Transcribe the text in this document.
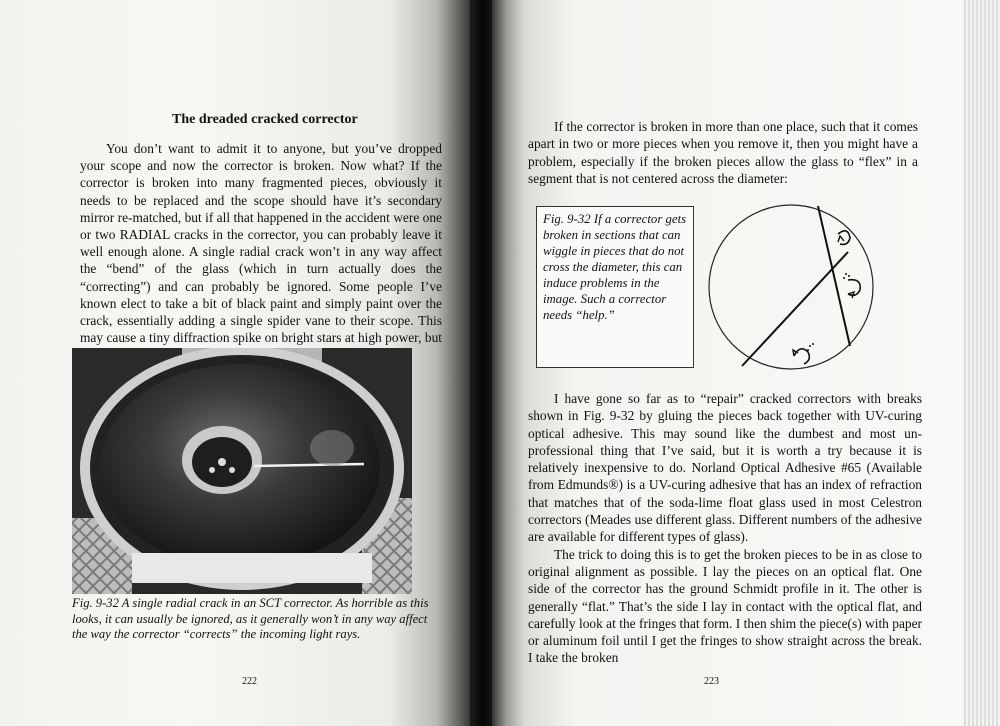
The dreaded cracked corrector

You don’t want to admit it to anyone, but you’ve dropped your scope and now the corrector is broken. Now what? If the corrector is broken into many fragmented pieces, obviously it needs to be replaced and the scope should have it’s secondary mirror re-matched, but if all that happened in the accident were one or two RADIAL cracks in the corrector, you can probably leave it well enough alone. A single radial crack won’t in any way affect the “bend” of the glass (which in turn actually does the “correcting”) and can probably be ignored. Some people I’ve known elect to take a bit of black paint and simply paint over the crack, essentially adding a single spider vane to their scope. This may cause a tiny diffraction spike on bright stars at high power, but

Fig. 9-32 A single radial crack in an SCT corrector. As horrible as this looks, it can usually be ignored, as it generally won’t in any way affect the way the corrector “corrects” the incoming light rays.
222

If the corrector is broken in more than one place, such that it comes apart in two or more pieces when you remove it, then you might have a problem, especially if the broken pieces allow the glass to “flex” in a segment that is not centered across the diameter:

Fig. 9-32 If a corrector gets broken in sections that can wiggle in pieces that do not cross the diameter, this can induce problems in the image. Such a corrector needs “help.”

I have gone so far as to “repair” cracked correctors with breaks shown in Fig. 9-32 by gluing the pieces back together with UV-curing optical adhesive. This may sound like the dumbest and most un-professional thing that I’ve said, but it is worth a try because it is relatively inexpensive to do. Norland Optical Adhesive #65 (Available from Edmunds®) is a UV-curing adhesive that has an index of refraction that matches that of the soda-lime float glass used in most Celestron correctors (Meades use different glass. Different numbers of the adhesive are available for different types of glass).

The trick to doing this is to get the broken pieces to be in as close to original alignment as possible. I lay the pieces on an optical flat. One side of the corrector has the ground Schmidt profile in it. The other is generally “flat.” That’s the side I lay in contact with the optical flat, and carefully look at the fringes that form. I then shim the piece(s) with paper or aluminum foil until I get the fringes to show straight across the break. I take the broken

223
